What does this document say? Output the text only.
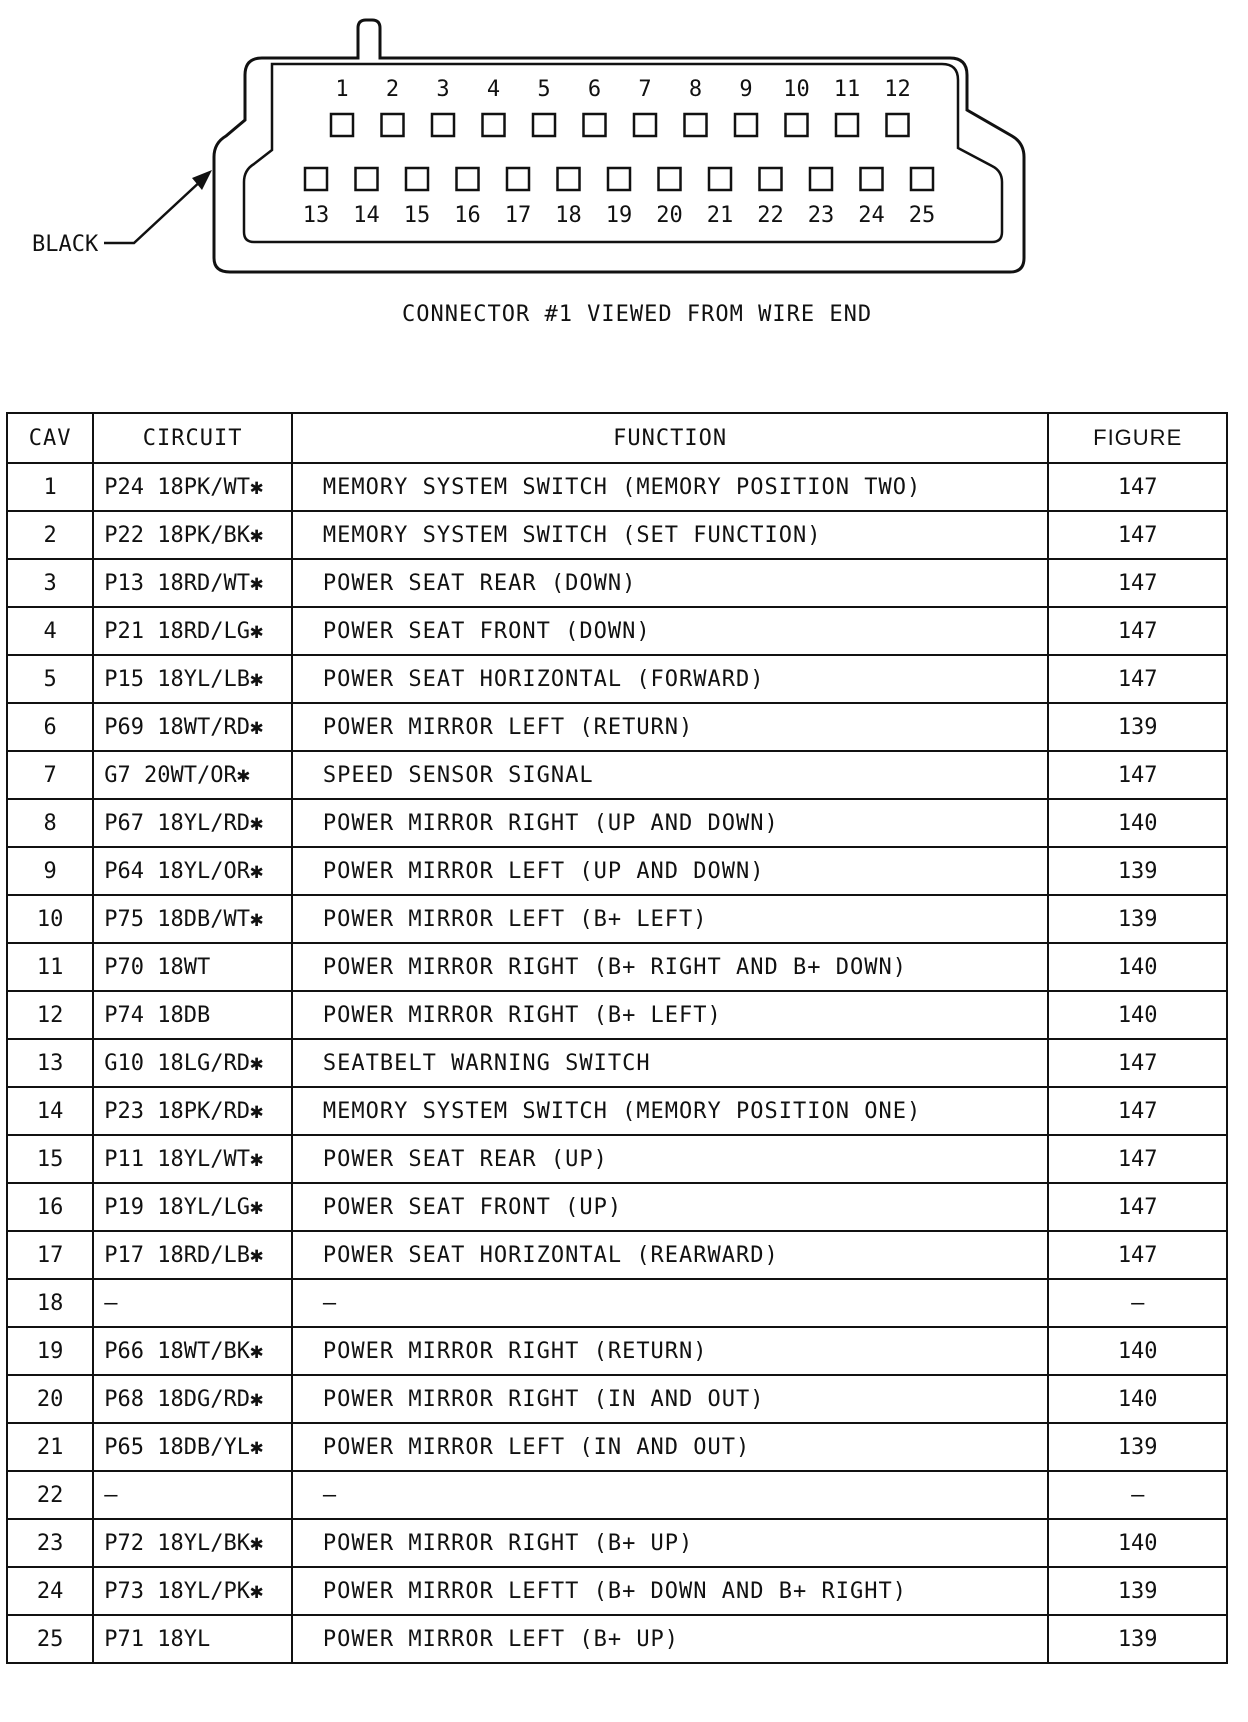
1 2 3 4 5 6 7 8 9 10 11 12
13 14 15 16 17 18 19 20 21 22 23 24 25
BLACK
CONNECTOR #1 VIEWED FROM WIRE END
CAV	CIRCUIT	FUNCTION	FIGURE
1	P24 18PK/WT✱	MEMORY SYSTEM SWITCH (MEMORY POSITION TWO)	147
2	P22 18PK/BK✱	MEMORY SYSTEM SWITCH (SET FUNCTION)	147
3	P13 18RD/WT✱	POWER SEAT REAR (DOWN)	147
4	P21 18RD/LG✱	POWER SEAT FRONT (DOWN)	147
5	P15 18YL/LB✱	POWER SEAT HORIZONTAL (FORWARD)	147
6	P69 18WT/RD✱	POWER MIRROR LEFT (RETURN)	139
7	G7 20WT/OR✱	SPEED SENSOR SIGNAL	147
8	P67 18YL/RD✱	POWER MIRROR RIGHT (UP AND DOWN)	140
9	P64 18YL/OR✱	POWER MIRROR LEFT (UP AND DOWN)	139
10	P75 18DB/WT✱	POWER MIRROR LEFT (B+ LEFT)	139
11	P70 18WT	POWER MIRROR RIGHT (B+ RIGHT AND B+ DOWN)	140
12	P74 18DB	POWER MIRROR RIGHT (B+ LEFT)	140
13	G10 18LG/RD✱	SEATBELT WARNING SWITCH	147
14	P23 18PK/RD✱	MEMORY SYSTEM SWITCH (MEMORY POSITION ONE)	147
15	P11 18YL/WT✱	POWER SEAT REAR (UP)	147
16	P19 18YL/LG✱	POWER SEAT FRONT (UP)	147
17	P17 18RD/LB✱	POWER SEAT HORIZONTAL (REARWARD)	147
18	—	—	—
19	P66 18WT/BK✱	POWER MIRROR RIGHT (RETURN)	140
20	P68 18DG/RD✱	POWER MIRROR RIGHT (IN AND OUT)	140
21	P65 18DB/YL✱	POWER MIRROR LEFT (IN AND OUT)	139
22	—	—	—
23	P72 18YL/BK✱	POWER MIRROR RIGHT (B+ UP)	140
24	P73 18YL/PK✱	POWER MIRROR LEFTT (B+ DOWN AND B+ RIGHT)	139
25	P71 18YL	POWER MIRROR LEFT (B+ UP)	139
